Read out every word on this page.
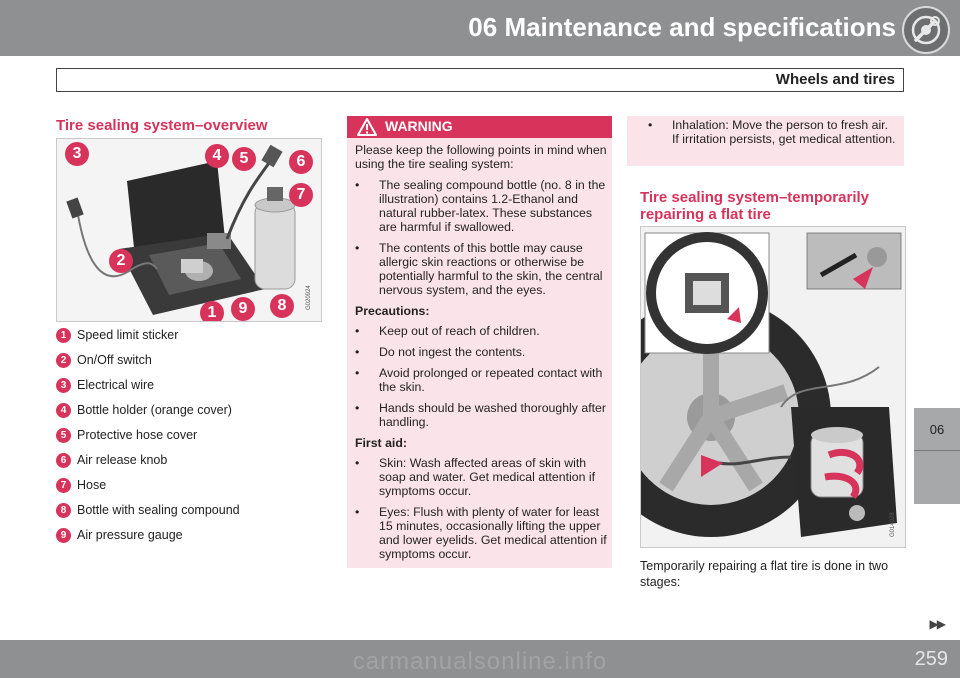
06 Maintenance and specifications
Wheels and tires
06
Tire sealing system–overview
G020924
1
2
3	4	5	6
7
8
9
1 Speed limit sticker
2 On/Off switch
3 Electrical wire
4 Bottle holder (orange cover)
5 Protective hose cover
6 Air release knob
7 Hose
8 Bottle with sealing compound
9 Air pressure gauge
WARNING

Please keep the following points in mind when using the tire sealing system:

• The sealing compound bottle (no. 8 in the illustration) contains 1.2-Ethanol and natural rubber-latex. These substances are harmful if swallowed.
• The contents of this bottle may cause allergic skin reactions or otherwise be potentially harmful to the skin, the central nervous system, and the eyes.
Precautions:
• Keep out of reach of children.
• Do not ingest the contents.
• Avoid prolonged or repeated contact with the skin.
• Hands should be washed thoroughly after handling.
First aid:
• Skin: Wash affected areas of skin with soap and water. Get medical attention if symptoms occur.
• Eyes: Flush with plenty of water for least 15 minutes, occasionally lifting the upper and lower eyelids. Get medical attention if symptoms occur.
• Inhalation: Move the person to fresh air. If irritation persists, get medical attention.
Tire sealing system–temporarily repairing a flat tire
G014028
Temporarily repairing a flat tire is done in two stages:
▶▶
carmanualsonline.info	259
